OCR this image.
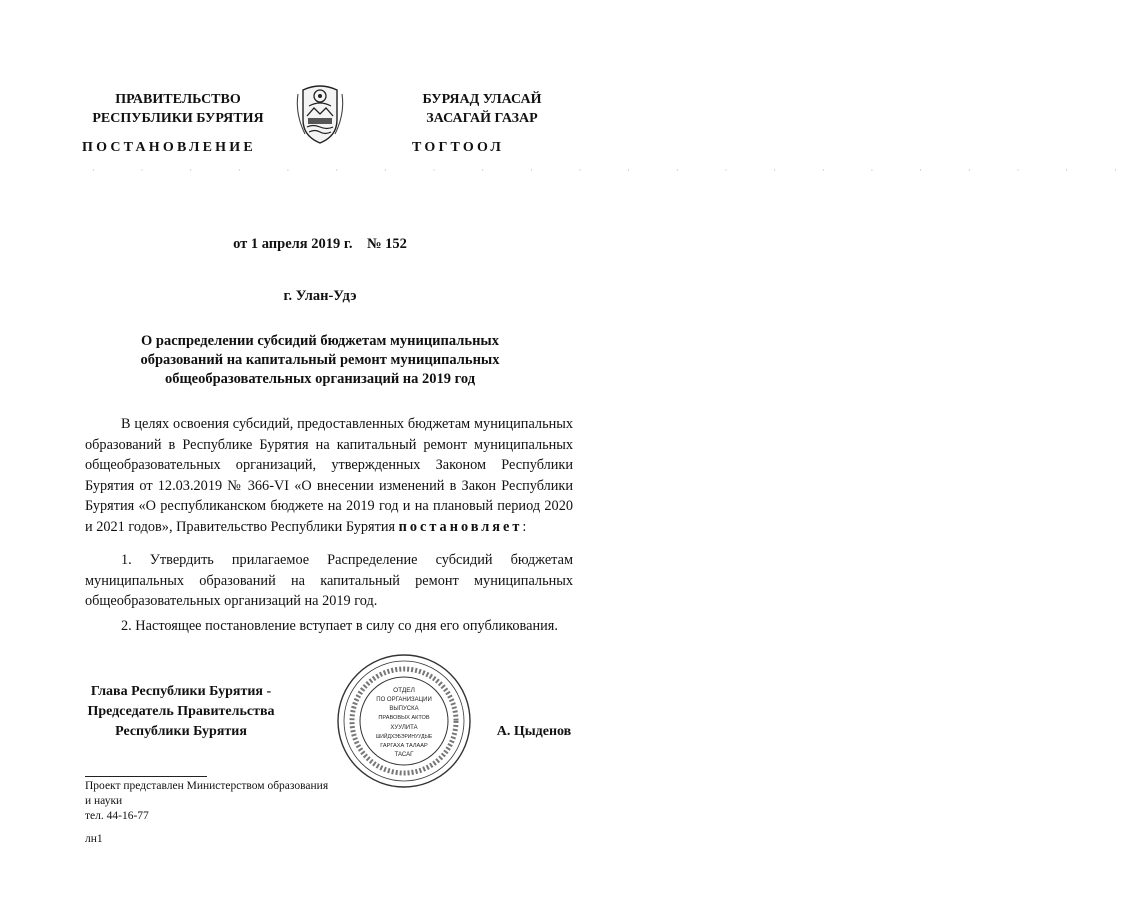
ПРАВИТЕЛЬСТВО
РЕСПУБЛИКИ БУРЯТИЯ
БУРЯАД УЛАСАЙ
ЗАСАГАЙ ГАЗАР
ПОСТАНОВЛЕНИЕ	ТОГТООЛ
· · · · · · · · · · · · · · · · · · · · · ·
от 1 апреля 2019 г.    № 152
г. Улан-Удэ
О распределении субсидий бюджетам муниципальных
образований на капитальный ремонт муниципальных
общеобразовательных организаций на 2019 год
В целях освоения субсидий, предоставленных бюджетам муниципальных образований в Республике Бурятия на капитальный ремонт муниципальных общеобразовательных организаций, утвержденных Законом Республики Бурятия от 12.03.2019 № 366-VI «О внесении изменений в Закон Республики Бурятия «О республиканском бюджете на 2019 год и на плановый период 2020 и 2021 годов», Правительство Республики Бурятия постановляет:
1. Утвердить прилагаемое Распределение субсидий бюджетам муниципальных образований на капитальный ремонт муниципальных общеобразовательных организаций на 2019 год.
2. Настоящее постановление вступает в силу со дня его опубликования.
Глава Республики Бурятия -
Председатель Правительства
Республики Бурятия
ОТДЕЛ
ПО ОРГАНИЗАЦИИ
ВЫПУСКА
ПРАВОВЫХ АКТОВ
ХУУЛИТА
ШИЙДХЭБЭРИНУУДЫЕ
ГАРГАХА ТАЛААР
ТАСАГ
А. Цыденов
Проект представлен Министерством образования
и науки
тел. 44-16-77
лн1
